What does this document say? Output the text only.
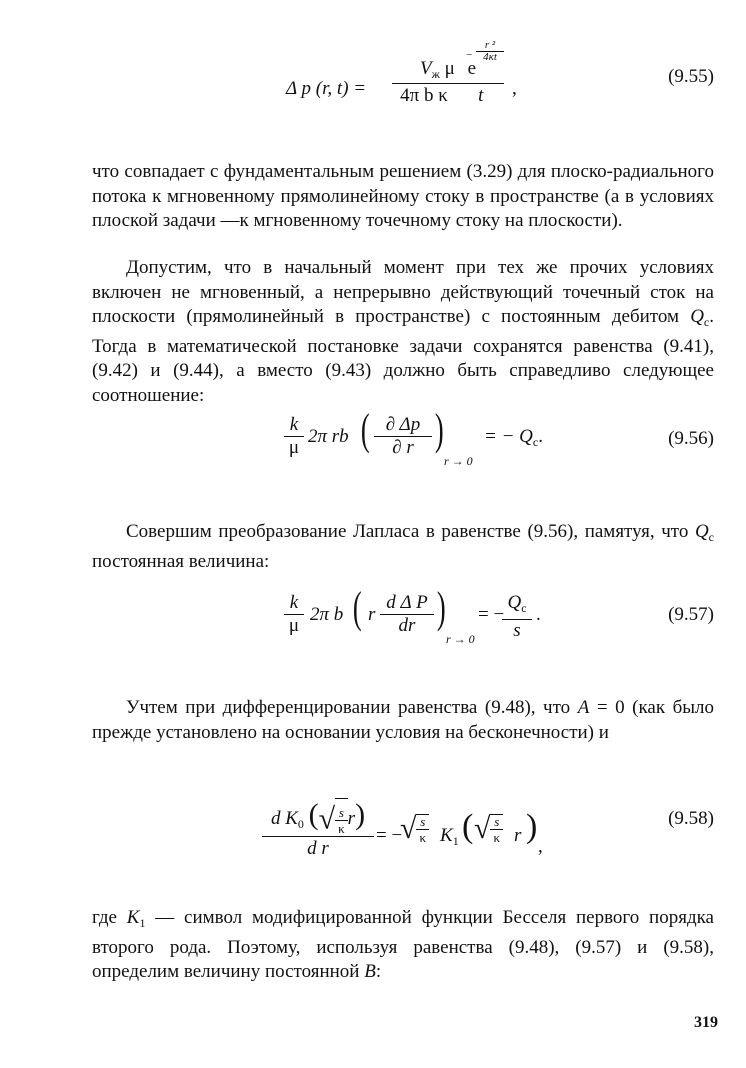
Δ p (r, t) =
$V_ж$ μ e
4π b κ t
− $\frac{\text{r ²}}{4\kappa t}$
,
(9.55)

что совпадает с фундаментальным решением (3.29) для плоско-радиального потока к мгновенному прямолинейному стоку в пространстве (а в условиях плоской задачи —к мгновенному точечному стоку на плоскости).

Допустим, что в начальный момент при тех же прочих условиях включен не мгновенный, а непрерывно действующий точечный сток на плоскости (прямолинейный в пространстве) с постоянным дебитом $Q_c$. Тогда в математической постановке задачи сохранятся равенства (9.41), (9.42) и (9.44), а вместо (9.43) должно быть справедливо следующее соотношение:

k
μ
2π rb ( ∂ Δp
∂ r )
r → 0
= − $Q_c$.	(9.56)

Совершим преобразование Лапласа в равенстве (9.56), памятуя, что $Q_c$ постоянная величина:

k
μ
2π b ( r
d Δ P
dr )
r → 0
= −
$\frac{Q_c}{s}$ .	(9.57)

Учтем при дифференцировании равенства (9.48), что A = 0 (как было прежде установлено на основании условия на бесконечности) и

d $K_0$ (√ $\frac{s}{\kappa} r$)
d r
= −
√ $\frac{s}{\kappa} K_1$ ( √ $\frac{s}{\kappa}$ r )
,
(9.58)

где $K_1$ — символ модифицированной функции Бесселя первого порядка второго рода. Поэтому, используя равенства (9.48), (9.57) и (9.58), определим величину постоянной B:

319
